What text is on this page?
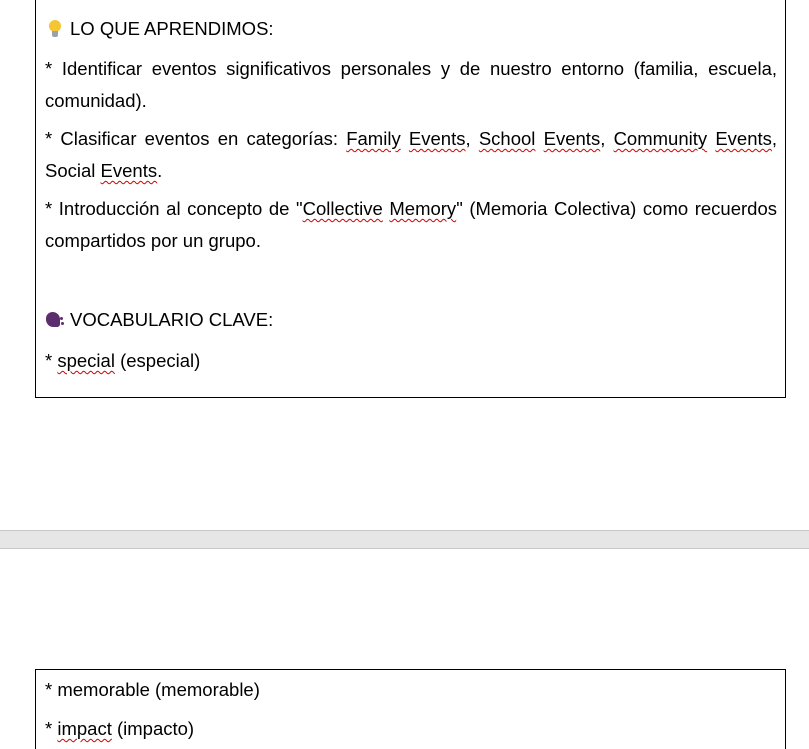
LO QUE APRENDIMOS:
* Identificar eventos significativos personales y de nuestro entorno (familia, escuela,
comunidad).
* Clasificar eventos en categorías: Family Events, School Events, Community Events,
Social Events.
* Introducción al concepto de "Collective Memory" (Memoria Colectiva) como recuerdos
compartidos por un grupo.
VOCABULARIO CLAVE:
* special (especial)
* memorable (memorable)
* impact (impacto)
